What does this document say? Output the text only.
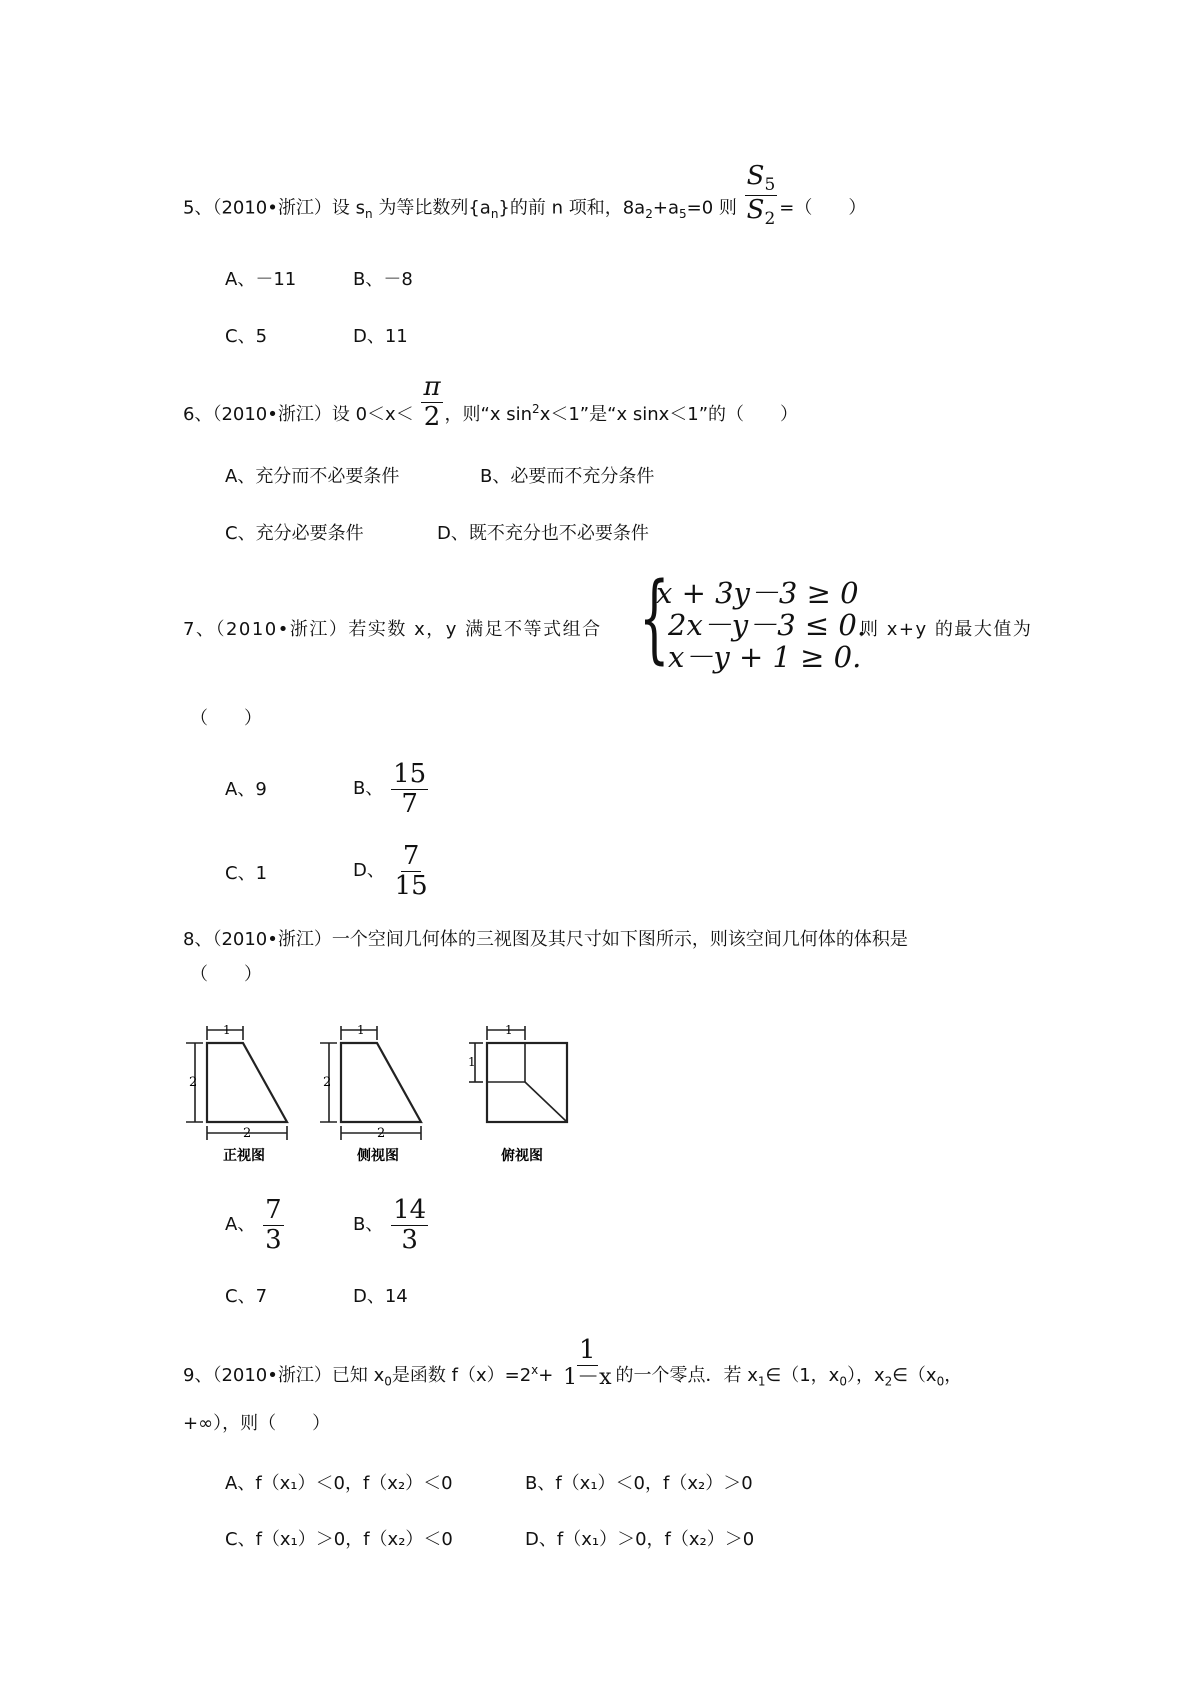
5、（2010•浙江）设 $s_n$ 为等比数列$\{a_n\}$的前 n 项和，$8a_2+a_5=0$ 则 $\frac{S_5}{S_2}$ =（　　）
A、－11	B、－8
C、5	D、11
6、（2010•浙江）设 $0<x< \frac{\pi}{2}$ ，则“x $\sin^2x<1$”是“x sinx＜1”的（　　）
A、充分而不必要条件	B、必要而不充分条件
C、充分必要条件	D、既不充分也不必要条件
7、（2010•浙江）若实数 x，y 满足不等式组合 {
x + 3y－3 ≥ 0
2x－y－3 ≤ 0.
x－y + 1 ≥ 0.
则 x+y 的最大值为
（　　）
A、9	B、 $\frac{15}{7}$
C、1	D、 $\frac{7}{15}$
8、（2010•浙江）一个空间几何体的三视图及其尺寸如下图所示，则该空间几何体的体积是
（　　）
1
2
2
正视图
1
2
2
侧视图
1
1
俯视图
A、 $\frac{7}{3}$	B、 $\frac{14}{3}$
C、7	D、14
9、（2010•浙江）已知 $x_0$是函数 $f(x)=2^x+ \frac{1}{1-x}$ 的一个零点．若 $x_1\in(1$，$x_0$），$x_2\in(x_0$，
+∞），则（　　）
A、f（x₁）＜0，f（x₂）＜0	B、f（x₁）＜0，f（x₂）＞0
C、f（x₁）＞0，f（x₂）＜0	D、f（x₁）＞0，f（x₂）＞0
